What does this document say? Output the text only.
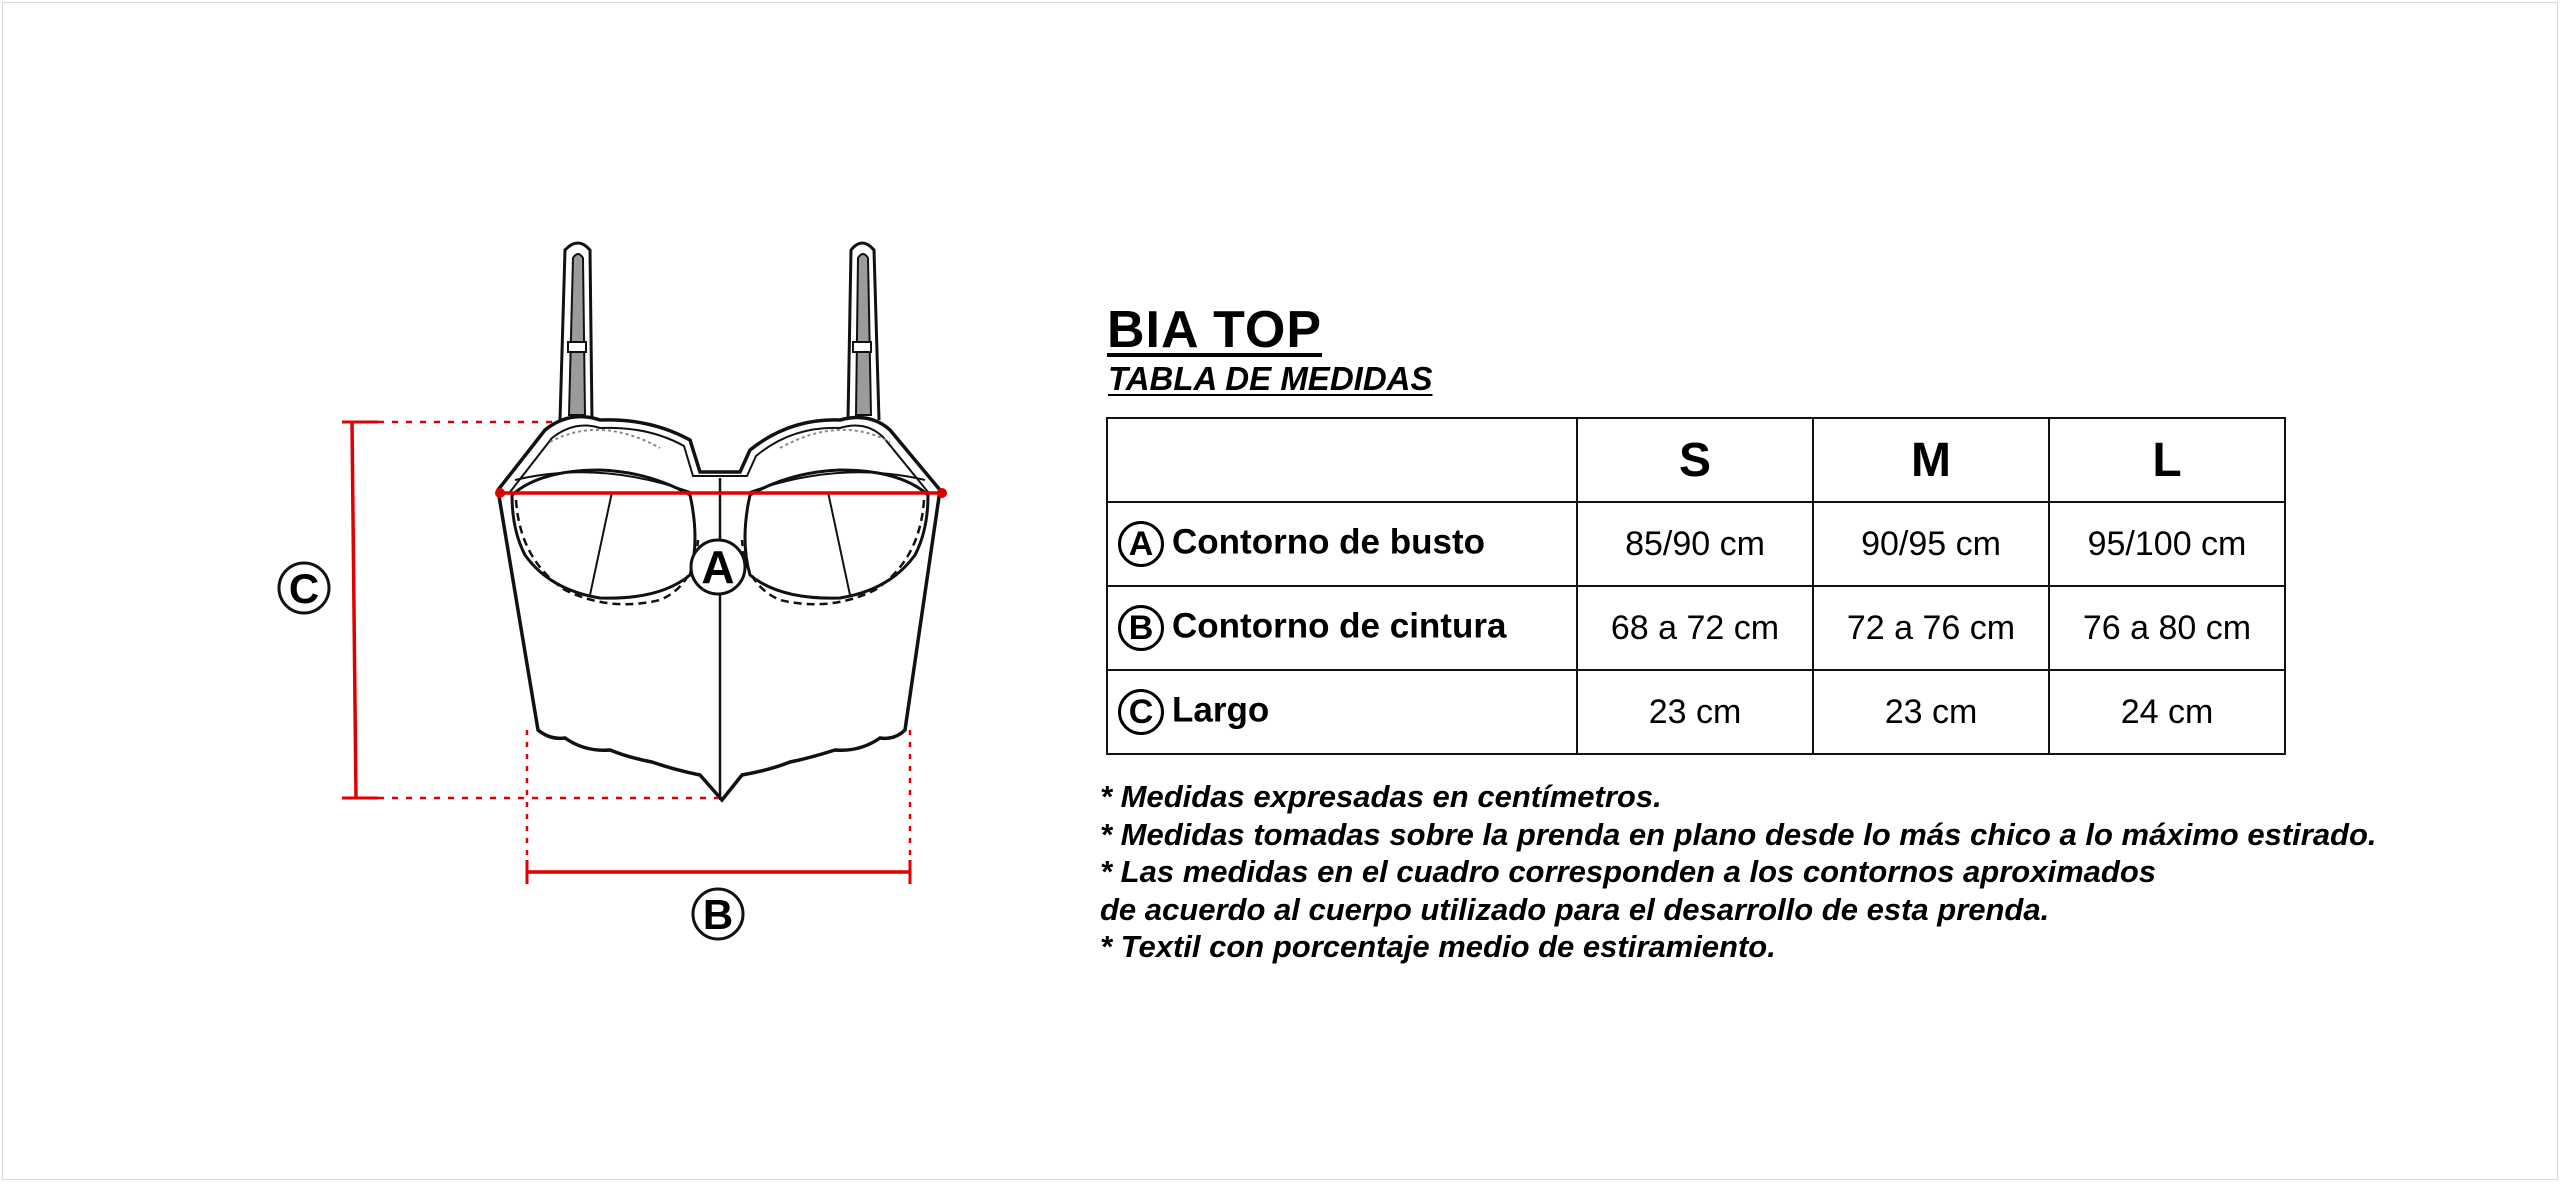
A
C
B
BIA TOP
TABLA DE MEDIDAS
	S	M	L
A Contorno de busto	85/90 cm	90/95 cm	95/100 cm
B Contorno de cintura	68 a 72 cm	72 a 76 cm	76 a 80 cm
C Largo	23 cm	23 cm	24 cm
* Medidas expresadas en centímetros.
* Medidas tomadas sobre la prenda en plano desde lo más chico a lo máximo estirado.
* Las medidas en el cuadro corresponden a los contornos aproximados
de acuerdo al cuerpo utilizado para el desarrollo de esta prenda.
* Textil con porcentaje medio de estiramiento.
